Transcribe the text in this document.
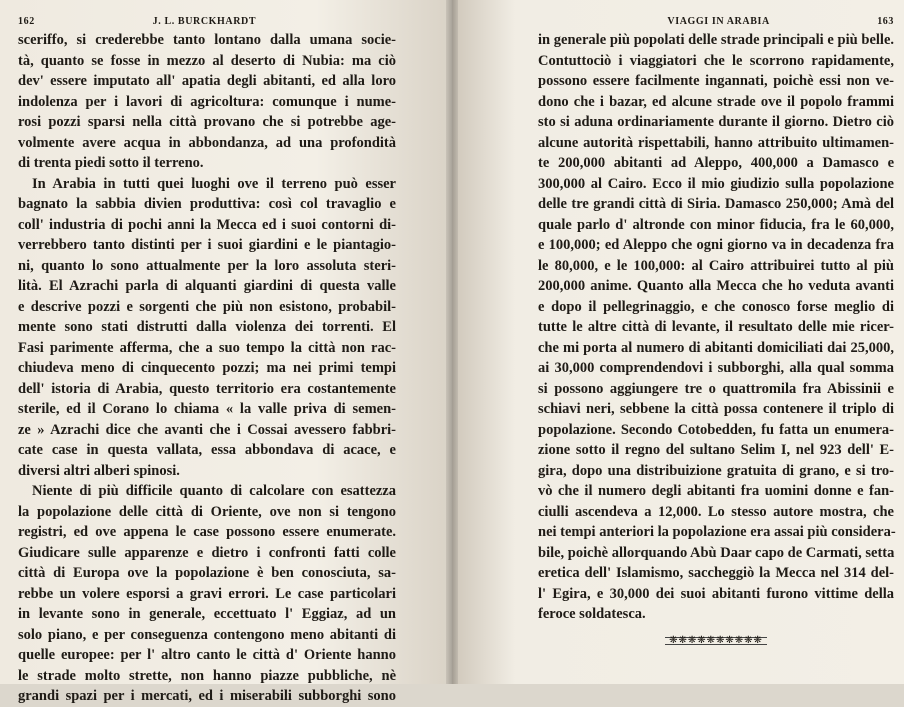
162	J. L. BURCKHARDT
sceriffo, si crederebbe tanto lontano dalla umana socie-
tà, quanto se fosse in mezzo al deserto di Nubia: ma ciò
dev' essere imputato all' apatia degli abitanti, ed alla loro
indolenza per i lavori di agricoltura: comunque i nume-
rosi pozzi sparsi nella città provano che si potrebbe age-
volmente avere acqua in abbondanza, ad una profondità
di trenta piedi sotto il terreno.
In Arabia in tutti quei luoghi ove il terreno può esser
bagnato la sabbia divien produttiva: così col travaglio e
coll' industria di pochi anni la Mecca ed i suoi contorni di-
verrebbero tanto distinti per i suoi giardini e le piantagio-
ni, quanto lo sono attualmente per la loro assoluta steri-
lità. El Azrachi parla di alquanti giardini di questa valle
e descrive pozzi e sorgenti che più non esistono, probabil-
mente sono stati distrutti dalla violenza dei torrenti. El
Fasi parimente afferma, che a suo tempo la città non rac-
chiudeva meno di cinquecento pozzi; ma nei primi tempi
dell' istoria di Arabia, questo territorio era costantemente
sterile, ed il Corano lo chiama « la valle priva di semen-
ze » Azrachi dice che avanti che i Cossai avessero fabbri-
cate case in questa vallata, essa abbondava di acace, e
diversi altri alberi spinosi.
Niente di più difficile quanto di calcolare con esattezza
la popolazione delle città di Oriente, ove non si tengono
registri, ed ove appena le case possono essere enumerate.
Giudicare sulle apparenze e dietro i confronti fatti colle
città di Europa ove la popolazione è ben conosciuta, sa-
rebbe un volere esporsi a gravi errori. Le case particolari
in levante sono in generale, eccettuato l' Eggiaz, ad un
solo piano, e per conseguenza contengono meno abitanti di
quelle europee: per l' altro canto le città d' Oriente hanno
le strade molto strette, non hanno piazze pubbliche, nè
grandi spazi per i mercati, ed i miserabili subborghi sono
VIAGGI IN ARABIA	163
in generale più popolati delle strade principali e più belle.
Contuttociò i viaggiatori che le scorrono rapidamente,
possono essere facilmente ingannati, poichè essi non ve-
dono che i bazar, ed alcune strade ove il popolo frammi
sto si aduna ordinariamente durante il giorno. Dietro ciò
alcune autorità rispettabili, hanno attribuito ultimamen-
te 200,000 abitanti ad Aleppo, 400,000 a Damasco e
300,000 al Cairo. Ecco il mio giudizio sulla popolazione
delle tre grandi città di Siria. Damasco 250,000; Amà del
quale parlo d' altronde con minor fiducia, fra le 60,000,
e 100,000; ed Aleppo che ogni giorno va in decadenza fra
le 80,000, e le 100,000: al Cairo attribuirei tutto al più
200,000 anime. Quanto alla Mecca che ho veduta avanti
e dopo il pellegrinaggio, e che conosco forse meglio di
tutte le altre città di levante, il resultato delle mie ricer-
che mi porta al numero di abitanti domiciliati dai 25,000,
ai 30,000 comprendendovi i subborghi, alla qual somma
si possono aggiungere tre o quattromila fra Abissinii e
schiavi neri, sebbene la città possa contenere il triplo di
popolazione. Secondo Cotobedden, fu fatta un enumera-
zione sotto il regno del sultano Selim I, nel 923 dell' E-
gira, dopo una distribuizione gratuita di grano, e si tro-
vò che il numero degli abitanti fra uomini donne e fan-
ciulli ascendeva a 12,000. Lo stesso autore mostra, che
nei tempi anteriori la popolazione era assai più considera-
bile, poichè allorquando Abù Daar capo de Carmati, setta
eretica dell' Islamismo, saccheggiò la Mecca nel 314 del-
l' Egira, e 30,000 dei suoi abitanti furono vittime della
feroce soldatesca.
❋❋❋❋❋❋❋❋❋❋
